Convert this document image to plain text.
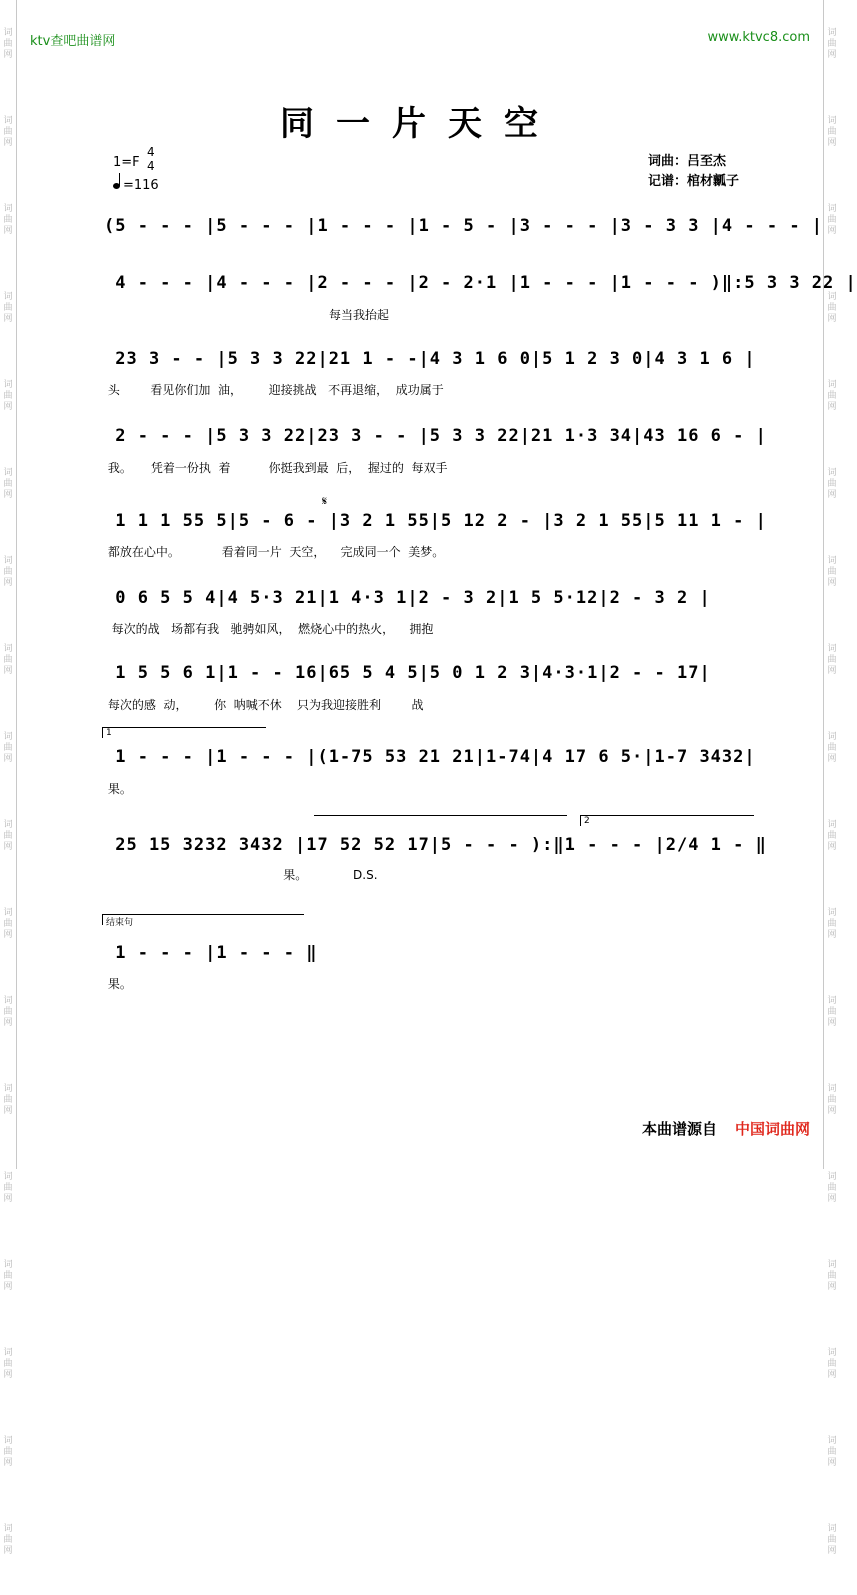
词
曲
网

词
曲
网

词
曲
网

词
曲
网

词
曲
网

词
曲
网

词
曲
网

词
曲
网

词
曲
网

词
曲
网

词
曲
网

词
曲
网

词
曲
网

词
曲
网

词
曲
网

词
曲
网

词
曲
网

词
曲
网

词
曲
网

词
曲
网

词
曲
网

词
曲
网

词
曲
网

词
曲
网

词
曲
网

词
曲
网

词
曲
网

词
曲
网

词
曲
网

词
曲
网

词
曲
网

词
曲
网

词
曲
网

词
曲
网

词
曲
网

词
曲
网

ktv查吧曲谱网	www.ktvc8.com
同一片天空
词曲：吕至杰
记谱：棺材瓤子
1=F
4
4
=116
(5 - - - |5 - - - |1 - - - |1 - 5 - |3 - - - |3 - 3 3 |4 - - - |
4 - - - |4 - - - |2 - - - |2 - 2·1 |1 - - - |1 - - - )‖:5 3 3 22 |
每当我抬起
23 3 - - |5 3 3 22|21 1 - -|4 3 1 6 0|5 1 2 3 0|4 3 1 6 |
头        看见你们加  油，       迎接挑战   不再退缩，  成功属于
2 - - - |5 3 3 22|23 3 - - |5 3 3 22|21 1·3 34|43 16 6 - |
我。     凭着一份执  着          你挺我到最  后，  握过的  每双手
1 1 1 55 5|5 - 6 - |3 2 1 55|5 12 2 - |3 2 1 55|5 11 1 - |
都放在心中。           看着同一片  天空，    完成同一个  美梦。
𝄋
0 6 5 5 4|4 5·3 21|1 4·3 1|2 - 3 2|1 5 5·12|2 - 3 2 |
每次的战   场都有我   驰骋如风，  燃烧心中的热火，    拥抱
1 5 5 6 1|1 - - 16|65 5 4 5|5 0 1 2 3|4·3·1|2 - - 17|
每次的感  动，       你  呐喊不休    只为我迎接胜利        战
1
1 - - - |1 - - - |(1-75 53 21 21|1-74|4 17 6 5·|1-7 3432|
果。
2
25 15 3232 3432 |17 52 52 17|5 - - - ):‖1 - - - |2/4 1 - ‖
果。            D.S.
结束句
1 - - - |1 - - - ‖
果。
本曲谱源自 中国词曲网
